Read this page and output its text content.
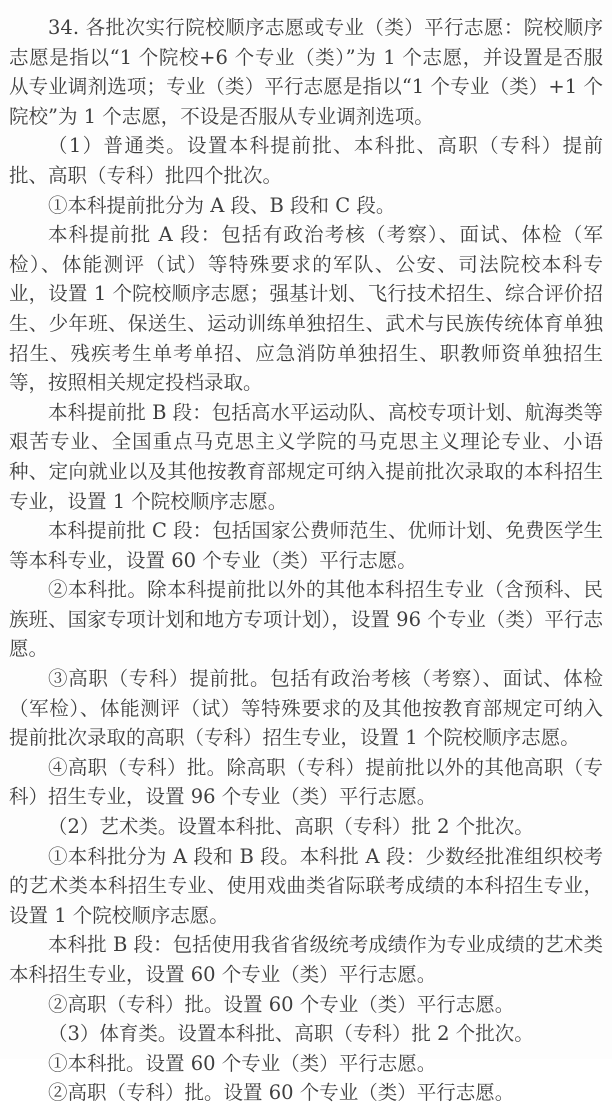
34. 各批次实行院校顺序志愿或专业（类）平行志愿：院校顺序志愿是指以“1 个院校+6 个专业（类）”为 1 个志愿，并设置是否服从专业调剂选项；专业（类）平行志愿是指以“1 个专业（类）+1 个院校”为 1 个志愿，不设是否服从专业调剂选项。

（1）普通类。设置本科提前批、本科批、高职（专科）提前批、高职（专科）批四个批次。

①本科提前批分为 A 段、B 段和 C 段。

本科提前批 A 段：包括有政治考核（考察）、面试、体检（军检）、体能测评（试）等特殊要求的军队、公安、司法院校本科专业，设置 1 个院校顺序志愿；强基计划、飞行技术招生、综合评价招生、少年班、保送生、运动训练单独招生、武术与民族传统体育单独招生、残疾考生单考单招、应急消防单独招生、职教师资单独招生等，按照相关规定投档录取。

本科提前批 B 段：包括高水平运动队、高校专项计划、航海类等艰苦专业、全国重点马克思主义学院的马克思主义理论专业、小语种、定向就业以及其他按教育部规定可纳入提前批次录取的本科招生专业，设置 1 个院校顺序志愿。

本科提前批 C 段：包括国家公费师范生、优师计划、免费医学生等本科专业，设置 60 个专业（类）平行志愿。

②本科批。除本科提前批以外的其他本科招生专业（含预科、民族班、国家专项计划和地方专项计划），设置 96 个专业（类）平行志愿。

③高职（专科）提前批。包括有政治考核（考察）、面试、体检（军检）、体能测评（试）等特殊要求的及其他按教育部规定可纳入提前批次录取的高职（专科）招生专业，设置 1 个院校顺序志愿。

④高职（专科）批。除高职（专科）提前批以外的其他高职（专科）招生专业，设置 96 个专业（类）平行志愿。

（2）艺术类。设置本科批、高职（专科）批 2 个批次。

①本科批分为 A 段和 B 段。本科批 A 段：少数经批准组织校考的艺术类本科招生专业、使用戏曲类省际联考成绩的本科招生专业，设置 1 个院校顺序志愿。

本科批 B 段：包括使用我省省级统考成绩作为专业成绩的艺术类本科招生专业，设置 60 个专业（类）平行志愿。

②高职（专科）批。设置 60 个专业（类）平行志愿。

（3）体育类。设置本科批、高职（专科）批 2 个批次。

①本科批。设置 60 个专业（类）平行志愿。

②高职（专科）批。设置 60 个专业（类）平行志愿。
